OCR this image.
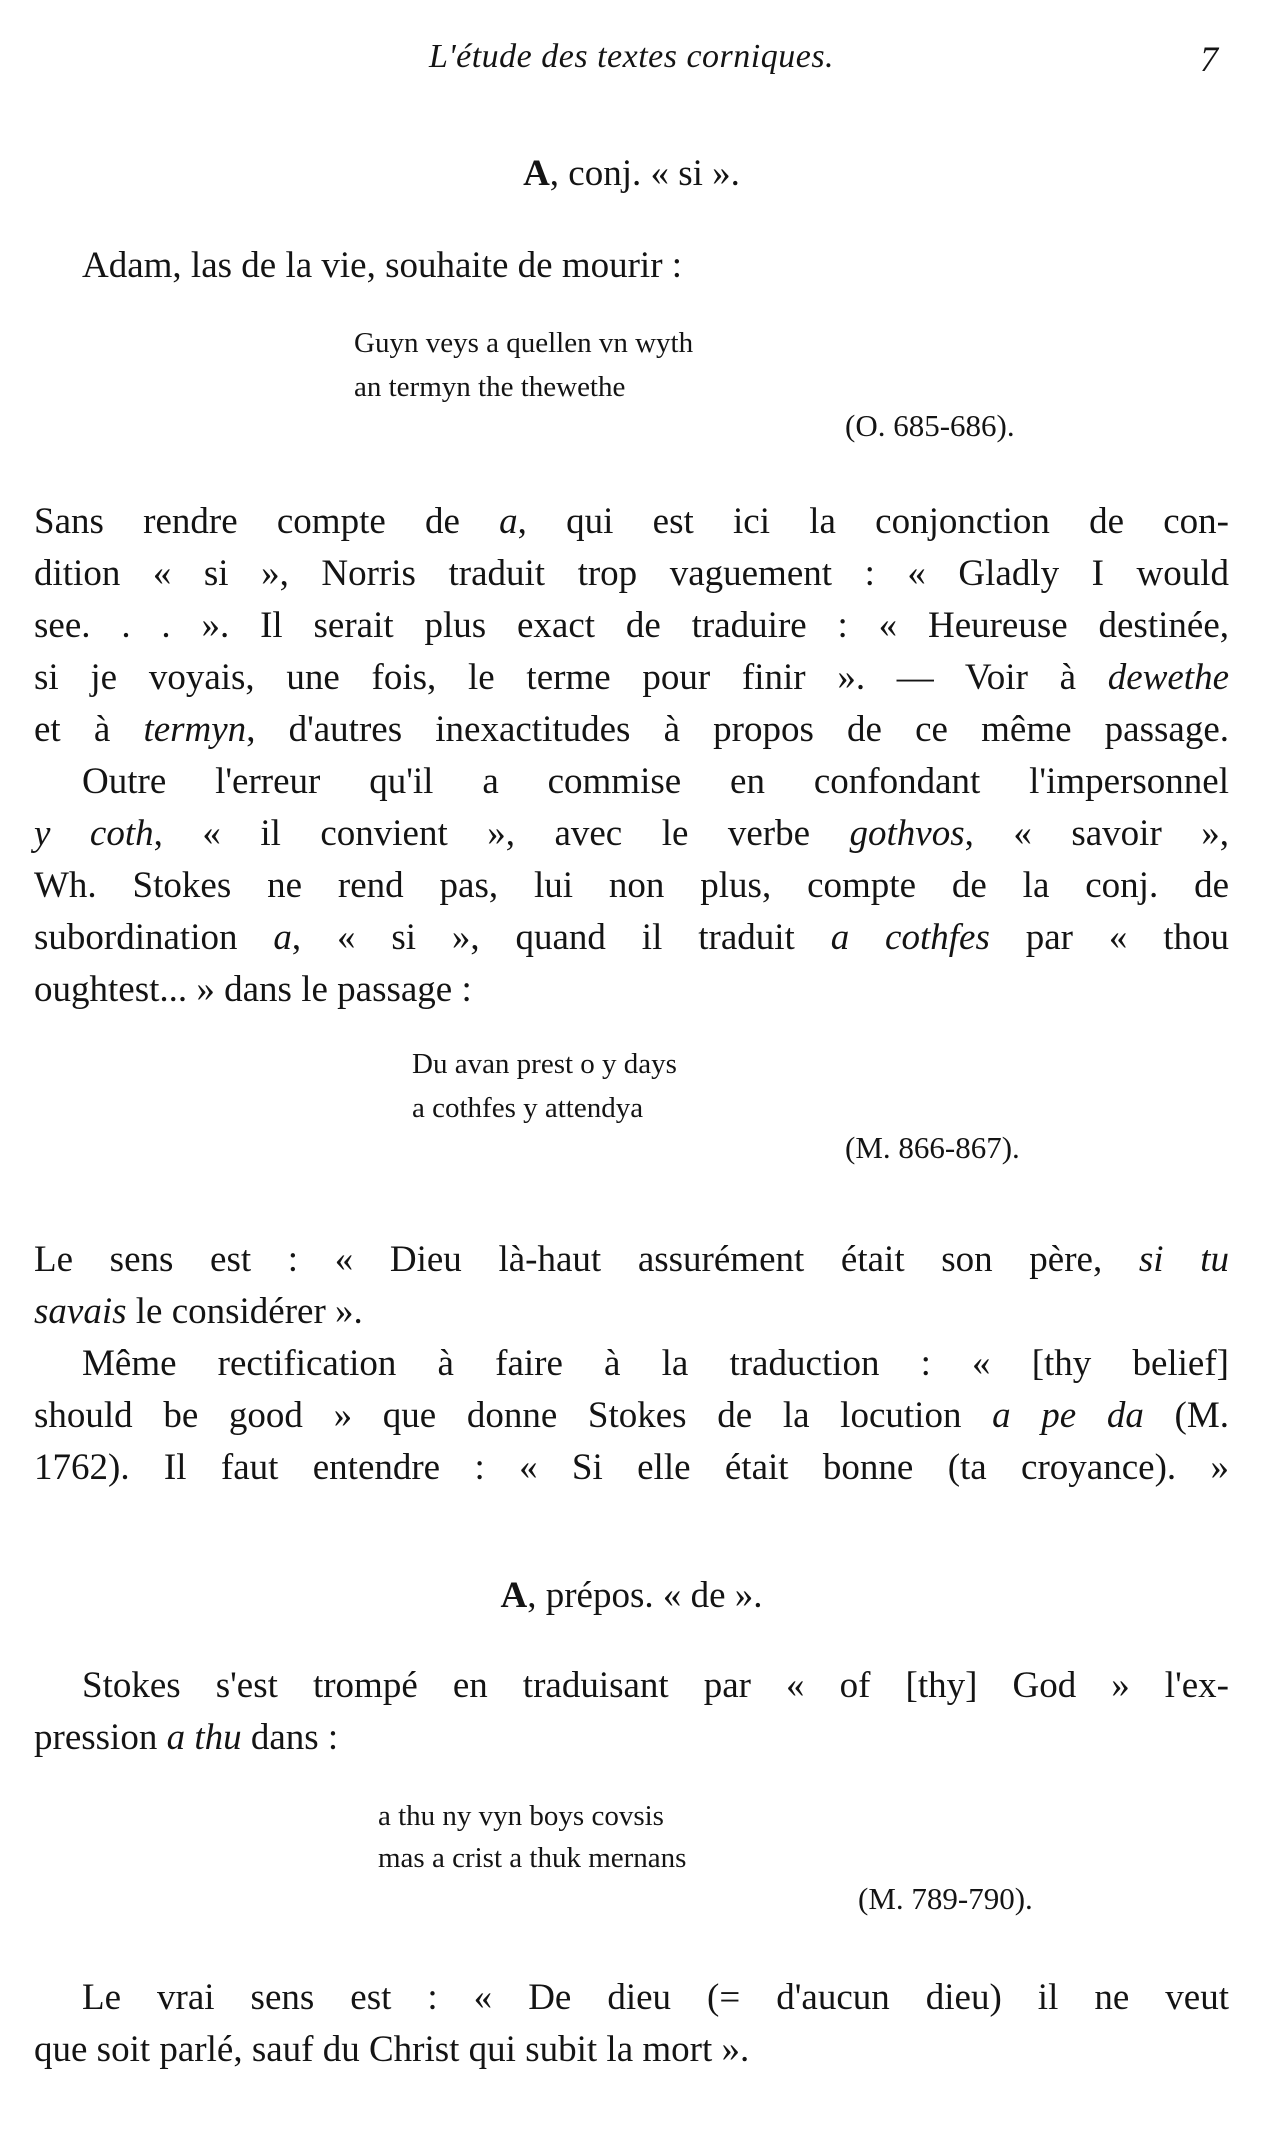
L'étude des textes corniques.	7
A, conj. « si ».
Adam, las de la vie, souhaite de mourir :
Guyn veys a quellen vn wyth
an termyn the thewethe
(O. 685-686).
Sans rendre compte de a, qui est ici la conjonction de con-
dition « si », Norris traduit trop vaguement : « Gladly I would
see. . . ». Il serait plus exact de traduire : « Heureuse destinée,
si je voyais, une fois, le terme pour finir ». — Voir à dewethe
et à termyn, d'autres inexactitudes à propos de ce même passage.
Outre l'erreur qu'il a commise en confondant l'impersonnel
y coth, « il convient », avec le verbe gothvos, « savoir »,
Wh. Stokes ne rend pas, lui non plus, compte de la conj. de
subordination a, « si », quand il traduit a cothfes par « thou
oughtest... » dans le passage :
Du avan prest o y days
a cothfes y attendya
(M. 866-867).
Le sens est : « Dieu là-haut assurément était son père, si tu
savais le considérer ».
Même rectification à faire à la traduction : « [thy belief]
should be good » que donne Stokes de la locution a pe da (M.
1762). Il faut entendre : « Si elle était bonne (ta croyance). »
A, prépos. « de ».
Stokes s'est trompé en traduisant par « of [thy] God » l'ex-
pression a thu dans :
a thu ny vyn boys covsis
mas a crist a thuk mernans
(M. 789-790).
Le vrai sens est : « De dieu (= d'aucun dieu) il ne veut
que soit parlé, sauf du Christ qui subit la mort ».
